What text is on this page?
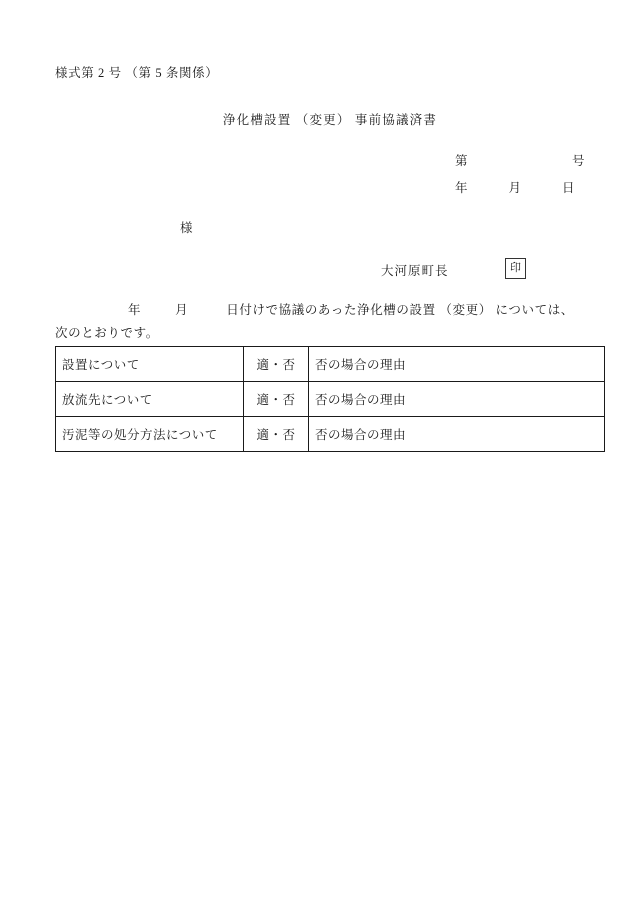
様式第 2 号 （第 5 条関係）
浄化槽設置 （変更） 事前協議済書
第	号
年	月	日
様
大河原町長	印
年	月	日付けで協議のあった浄化槽の設置 （変更） については、
次のとおりです。
設置について	適・否	否の場合の理由
放流先について	適・否	否の場合の理由
汚泥等の処分方法について	適・否	否の場合の理由
